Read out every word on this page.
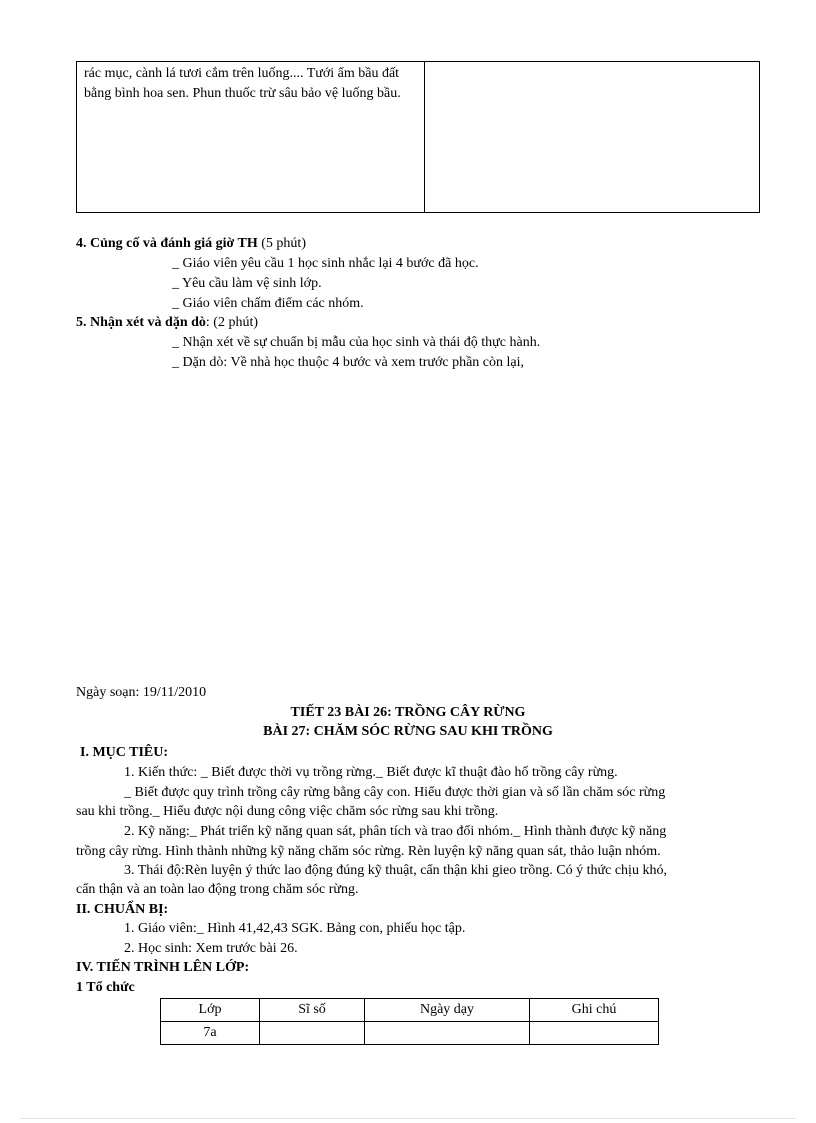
rác mục, cành lá tươi cắm trên luống.... Tưới ẩm bầu đất bằng bình hoa sen. Phun thuốc trừ sâu bảo vệ luống bầu.
4. Củng cố và đánh giá giờ TH (5 phút)
_ Giáo viên yêu cầu 1 học sinh nhắc lại 4 bước đã học.
_ Yêu cầu làm vệ sinh lớp.
_ Giáo viên chấm điểm các nhóm.
5. Nhận xét và dặn dò: (2 phút)
_ Nhận xét về sự chuẩn bị mẫu của học sinh và thái độ thực hành.
_ Dặn dò: Về nhà học thuộc 4 bước và xem trước phần còn lại,
Ngày soạn: 19/11/2010
TIẾT 23 BÀI 26: TRỒNG CÂY RỪNG
BÀI 27: CHĂM SÓC RỪNG SAU KHI TRỒNG
I. MỤC TIÊU:
1. Kiến thức: _ Biết được thời vụ trồng rừng._ Biết được kĩ thuật đào hố trồng cây rừng.
_ Biết được quy trình trồng cây rừng bằng cây con. Hiểu được thời gian và số lần chăm sóc rừng
sau khi trồng._ Hiểu được nội dung công việc chăm sóc rừng sau khi trồng.
2. Kỹ năng:_ Phát triển kỹ năng quan sát, phân tích và trao đổi nhóm._ Hình thành được kỹ năng
trồng cây rừng. Hình thành những kỹ năng chăm sóc rừng. Rèn luyện kỹ năng quan sát, thảo luận nhóm.
3. Thái độ:Rèn luyện ý thức lao động đúng kỹ thuật, cẩn thận khi gieo trồng. Có ý thức chịu khó,
cẩn thận và an toàn lao động trong chăm sóc rừng.
II. CHUẨN BỊ:
1. Giáo viên:_ Hình 41,42,43 SGK. Bảng con, phiếu học tập.
2. Học sinh: Xem trước bài 26.
IV. TIẾN TRÌNH LÊN LỚP:
1 Tổ chức
Lớp	Sĩ số	Ngày dạy	Ghi chú
7a			
